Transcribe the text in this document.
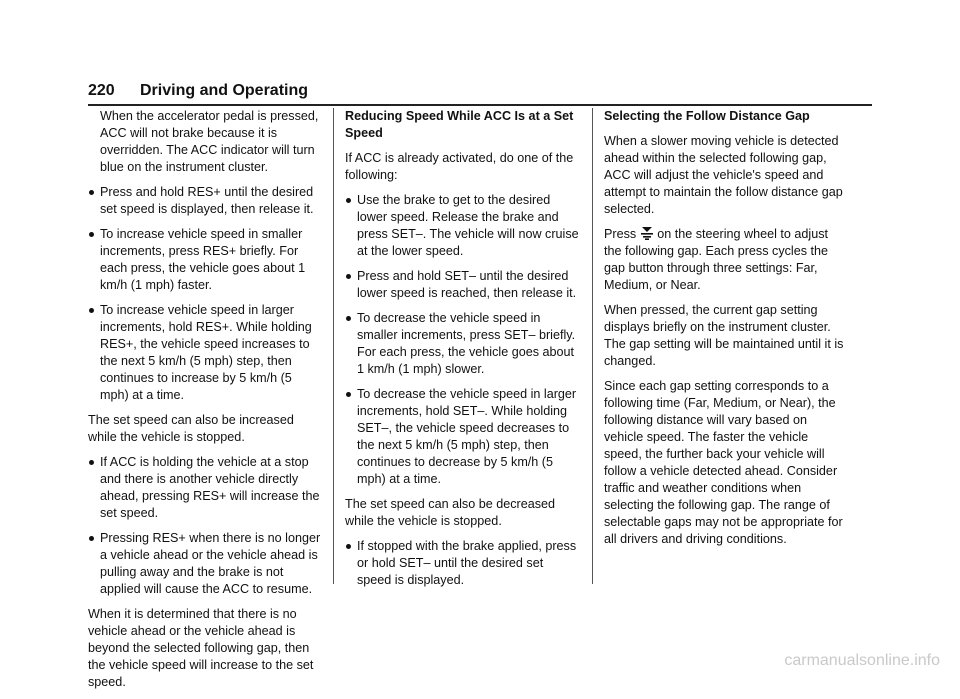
220 Driving and Operating

When the accelerator pedal is pressed, ACC will not brake because it is overridden. The ACC indicator will turn blue on the instrument cluster.

Press and hold RES+ until the desired set speed is displayed, then release it.
To increase vehicle speed in smaller increments, press RES+ briefly. For each press, the vehicle goes about 1 km/h (1 mph) faster.
To increase vehicle speed in larger increments, hold RES+. While holding RES+, the vehicle speed increases to the next 5 km/h (5 mph) step, then continues to increase by 5 km/h (5 mph) at a time.

The set speed can also be increased while the vehicle is stopped.

If ACC is holding the vehicle at a stop and there is another vehicle directly ahead, pressing RES+ will increase the set speed.
Pressing RES+ when there is no longer a vehicle ahead or the vehicle ahead is pulling away and the brake is not applied will cause the ACC to resume.

When it is determined that there is no vehicle ahead or the vehicle ahead is beyond the selected following gap, then the vehicle speed will increase to the set speed.

Reducing Speed While ACC Is at a Set Speed

If ACC is already activated, do one of the following:

Use the brake to get to the desired lower speed. Release the brake and press SET–. The vehicle will now cruise at the lower speed.
Press and hold SET– until the desired lower speed is reached, then release it.
To decrease the vehicle speed in smaller increments, press SET– briefly. For each press, the vehicle goes about 1 km/h (1 mph) slower.
To decrease the vehicle speed in larger increments, hold SET–. While holding SET–, the vehicle speed decreases to the next 5 km/h (5 mph) step, then continues to decrease by 5 km/h (5 mph) at a time.

The set speed can also be decreased while the vehicle is stopped.

If stopped with the brake applied, press or hold SET– until the desired set speed is displayed.

Selecting the Follow Distance Gap

When a slower moving vehicle is detected ahead within the selected following gap, ACC will adjust the vehicle's speed and attempt to maintain the follow distance gap selected.

Press on the steering wheel to adjust the following gap. Each press cycles the gap button through three settings: Far, Medium, or Near.

When pressed, the current gap setting displays briefly on the instrument cluster. The gap setting will be maintained until it is changed.

Since each gap setting corresponds to a following time (Far, Medium, or Near), the following distance will vary based on vehicle speed. The faster the vehicle speed, the further back your vehicle will follow a vehicle detected ahead. Consider traffic and weather conditions when selecting the following gap. The range of selectable gaps may not be appropriate for all drivers and driving conditions.

carmanualsonline.info
